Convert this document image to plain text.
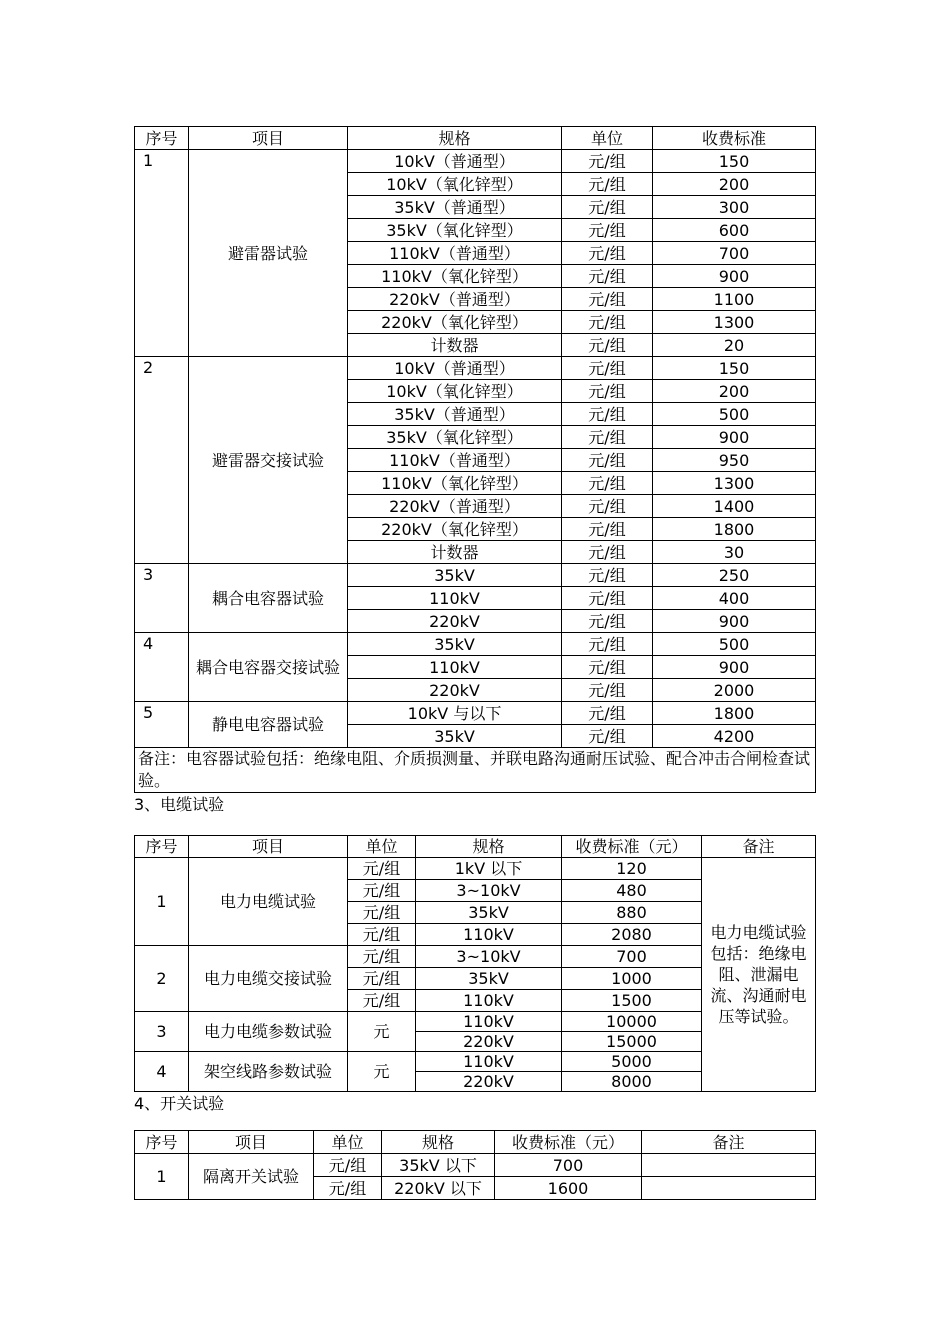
序号	项目	规格	单位	收费标准
1	避雷器试验	10kV（普通型）	元/组	150
		10kV（氧化锌型）	元/组	200
		35kV（普通型）	元/组	300
		35kV（氧化锌型）	元/组	600
		110kV（普通型）	元/组	700
		110kV（氧化锌型）	元/组	900
		220kV（普通型）	元/组	1100
		220kV（氧化锌型）	元/组	1300
		计数器	元/组	20
2	避雷器交接试验	10kV（普通型）	元/组	150
		10kV（氧化锌型）	元/组	200
		35kV（普通型）	元/组	500
		35kV（氧化锌型）	元/组	900
		110kV（普通型）	元/组	950
		110kV（氧化锌型）	元/组	1300
		220kV（普通型）	元/组	1400
		220kV（氧化锌型）	元/组	1800
		计数器	元/组	30
3	耦合电容器试验	35kV	元/组	250
		110kV	元/组	400
		220kV	元/组	900
4	耦合电容器交接试验	35kV	元/组	500
		110kV	元/组	900
		220kV	元/组	2000
5	静电电容器试验	10kV 与以下	元/组	1800
		35kV	元/组	4200
备注：电容器试验包括：绝缘电阻、介质损测量、并联电路沟通耐压试验、配合冲击合闸检查试验。				
3、电缆试验
序号	项目	单位	规格	收费标准（元）	备注
1	电力电缆试验	元/组	1kV 以下	120	电力电缆试验包括：绝缘电阻、泄漏电流、沟通耐电压等试验。
		元/组	3~10kV	480	
		元/组	35kV	880	
		元/组	110kV	2080	
2	电力电缆交接试验	元/组	3~10kV	700	
		元/组	35kV	1000	
		元/组	110kV	1500	
3	电力电缆参数试验	元	110kV	10000	
			220kV	15000	
4	架空线路参数试验	元	110kV	5000	
			220kV	8000	
4、开关试验
序号	项目	单位	规格	收费标准（元）	备注
1	隔离开关试验	元/组	35kV 以下	700	
		元/组	220kV 以下	1600	
